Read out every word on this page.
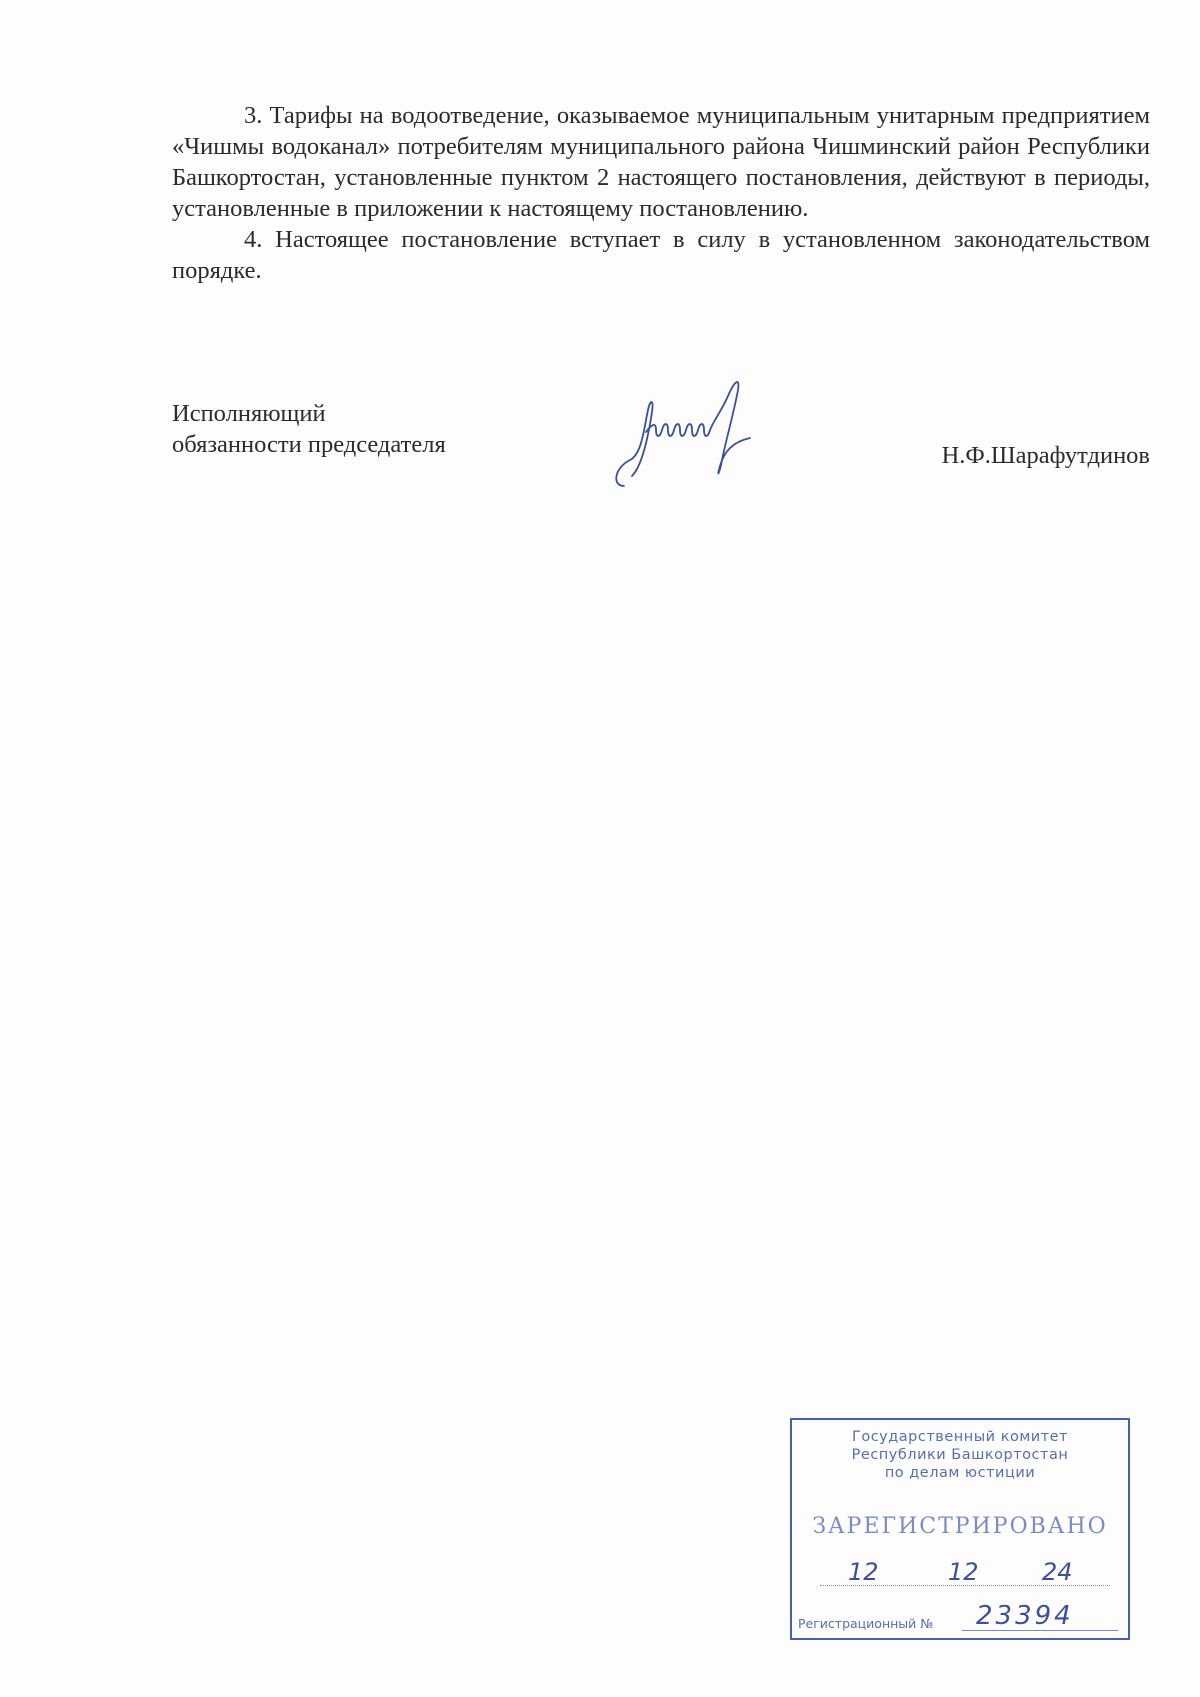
3. Тарифы на водоотведение, оказываемое муниципальным унитарным предприятием «Чишмы водоканал» потребителям муниципального района Чишминский район Республики Башкортостан, установленные пунктом 2 настоящего постановления, действуют в периоды, установленные в приложении к настоящему постановлению.

4. Настоящее постановление вступает в силу в установленном законодательством порядке.

Исполняющий
обязанности председателя	Н.Ф.Шарафутдинов
Государственный комитет
Республики Башкортостан
по делам юстиции
ЗАРЕГИСТРИРОВАНО
12	12	24
Регистрационный № 23394
